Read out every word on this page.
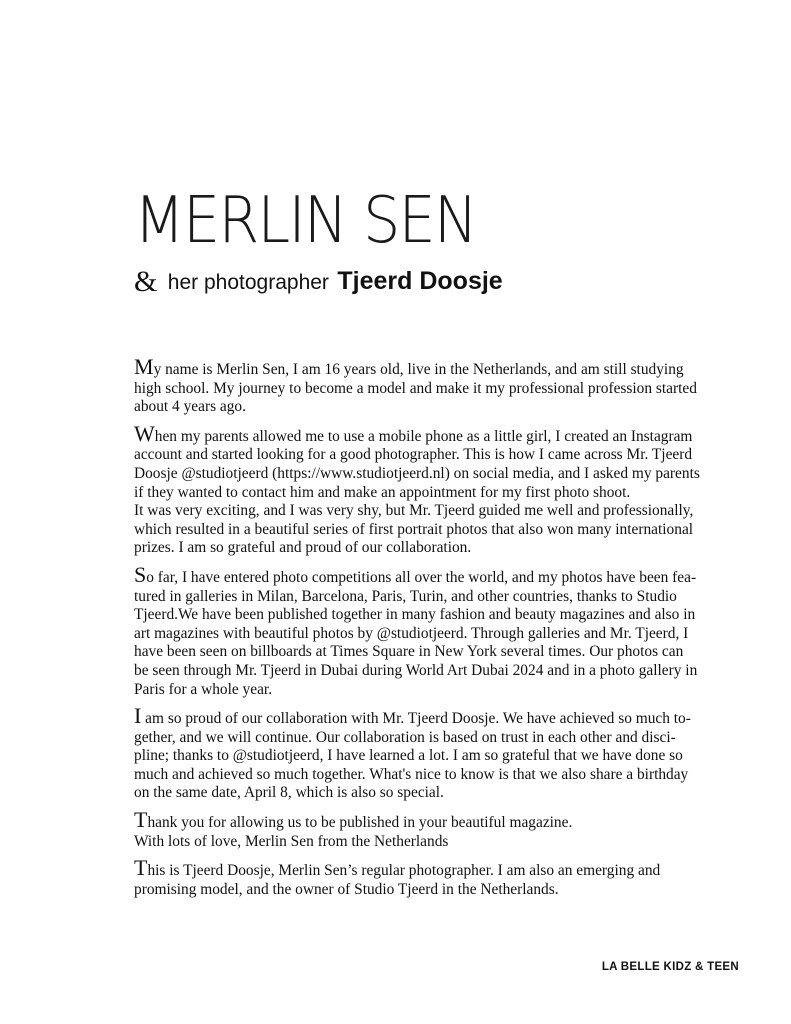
MERLIN SEN
& her photographer Tjeerd Doosje

My name is Merlin Sen, I am 16 years old, live in the Netherlands, and am still studying
high school. My journey to become a model and make it my professional profession started
about 4 years ago.

When my parents allowed me to use a mobile phone as a little girl, I created an Instagram
account and started looking for a good photographer. This is how I came across Mr. Tjeerd
Doosje @studiotjeerd (https://www.studiotjeerd.nl) on social media, and I asked my parents
if they wanted to contact him and make an appointment for my first photo shoot.
It was very exciting, and I was very shy, but Mr. Tjeerd guided me well and professionally,
which resulted in a beautiful series of first portrait photos that also won many international
prizes. I am so grateful and proud of our collaboration.

So far, I have entered photo competitions all over the world, and my photos have been fea-
tured in galleries in Milan, Barcelona, Paris, Turin, and other countries, thanks to Studio
Tjeerd.We have been published together in many fashion and beauty magazines and also in
art magazines with beautiful photos by @studiotjeerd. Through galleries and Mr. Tjeerd, I
have been seen on billboards at Times Square in New York several times. Our photos can
be seen through Mr. Tjeerd in Dubai during World Art Dubai 2024 and in a photo gallery in
Paris for a whole year.

I am so proud of our collaboration with Mr. Tjeerd Doosje. We have achieved so much to-
gether, and we will continue. Our collaboration is based on trust in each other and disci-
pline; thanks to @studiotjeerd, I have learned a lot. I am so grateful that we have done so
much and achieved so much together. What's nice to know is that we also share a birthday
on the same date, April 8, which is also so special.

Thank you for allowing us to be published in your beautiful magazine.
With lots of love, Merlin Sen from the Netherlands

This is Tjeerd Doosje, Merlin Sen’s regular photographer. I am also an emerging and
promising model, and the owner of Studio Tjeerd in the Netherlands.

LA BELLE KIDZ & TEEN
